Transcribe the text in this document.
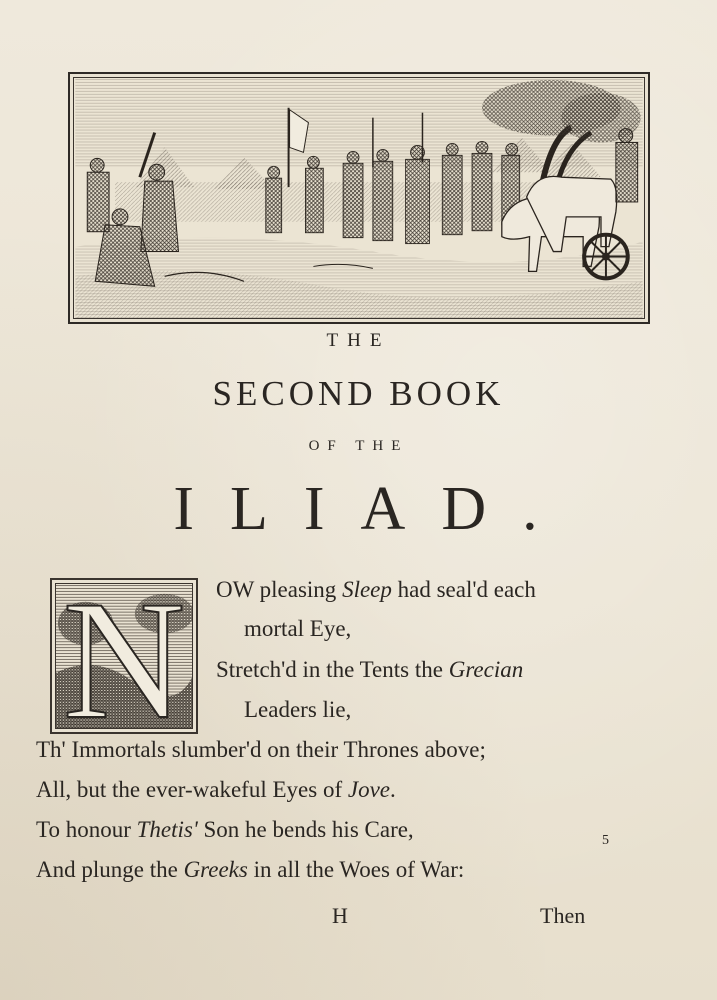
THE
SECOND BOOK
OF THE
ILIAD.
N	OW pleasing Sleep had seal'd each
mortal Eye,
Stretch'd in the Tents the Grecian
Leaders lie,
Th' Immortals slumber'd on their Thrones above;
All, but the ever-wakeful Eyes of Jove.
To honour Thetis' Son he bends his Care,
And plunge the Greeks in all the Woes of War:
5
H	Then
